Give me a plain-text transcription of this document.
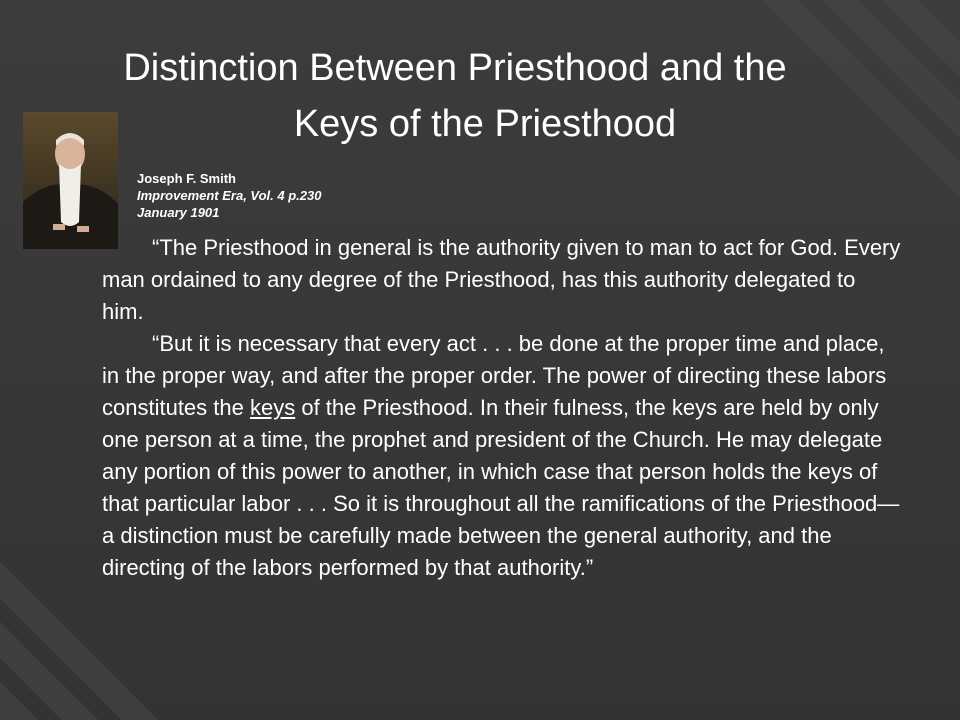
Distinction Between Priesthood and the
Keys of the Priesthood
Joseph F. Smith
Improvement Era, Vol. 4 p.230
January 1901

“The Priesthood in general is the authority given to man to act for God. Every man ordained to any degree of the Priesthood, has this authority delegated to him.

“But it is necessary that every act . . . be done at the proper time and place, in the proper way, and after the proper order. The power of directing these labors constitutes the keys of the Priesthood. In their fulness, the keys are held by only one person at a time, the prophet and president of the Church. He may delegate any portion of this power to another, in which case that person holds the keys of that particular labor . . . So it is throughout all the ramifications of the Priesthood—a distinction must be carefully made between the general authority, and the directing of the labors performed by that authority.”
